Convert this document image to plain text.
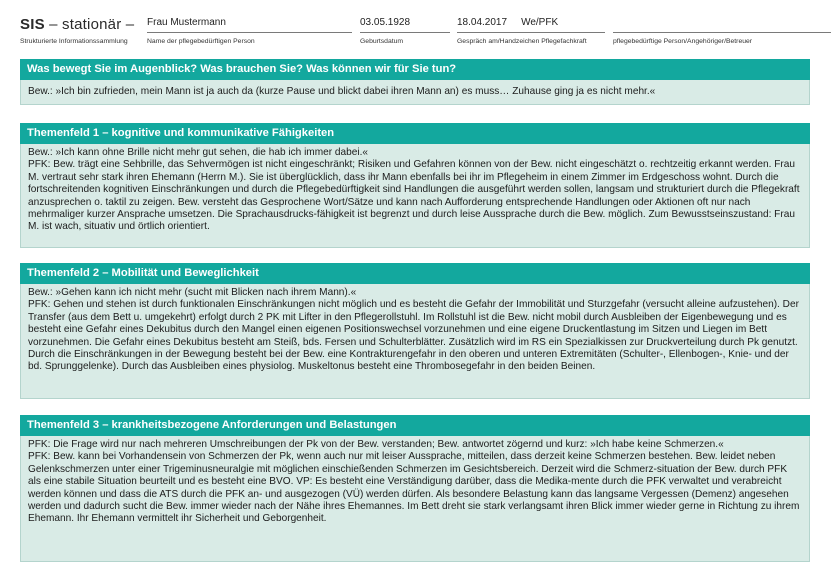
SIS – stationär –
Strukturierte Informationssammlung
Frau Mustermann
Name der pflegebedürftigen Person
03.05.1928
Geburtsdatum
18.04.2017 We/PFK
Gespräch am/Handzeichen Pflegefachkraft	pflegebedürftige Person/Angehöriger/Betreuer
Was bewegt Sie im Augenblick? Was brauchen Sie? Was können wir für Sie tun?

Bew.: »Ich bin zufrieden, mein Mann ist ja auch da (kurze Pause und blickt dabei ihren Mann an) es muss… Zuhause ging ja es nicht mehr.«

Themenfeld 1 – kognitive und kommunikative Fähigkeiten

Bew.: »Ich kann ohne Brille nicht mehr gut sehen, die hab ich immer dabei.«

PFK: Bew. trägt eine Sehbrille, das Sehvermögen ist nicht eingeschränkt; Risiken und Gefahren können von der Bew. nicht eingeschätzt o. rechtzeitig erkannt werden. Frau M. vertraut sehr stark ihren Ehemann (Herrn M.). Sie ist überglücklich, dass ihr Mann ebenfalls bei ihr im Pflegeheim in einem Zimmer im Erdgeschoss wohnt. Durch die fortschreitenden kognitiven Einschränkungen und durch die Pflegebedürftigkeit sind Handlungen die ausgeführt werden sollen, langsam und strukturiert durch die Pflegekraft anzusprechen o. taktil zu zeigen. Bew. versteht das Gesprochene Wort/Sätze und kann nach Aufforderung entsprechende Handlungen oder Aktionen oft nur nach mehrmaliger kurzer Ansprache umsetzen. Die Sprachausdrucks-fähigkeit ist begrenzt und durch leise Aussprache durch die Bew. möglich. Zum Bewusstseinszustand: Frau M. ist wach, situativ und örtlich orientiert.

Themenfeld 2 – Mobilität und Beweglichkeit

Bew.: »Gehen kann ich nicht mehr (sucht mit Blicken nach ihrem Mann).«

PFK: Gehen und stehen ist durch funktionalen Einschränkungen nicht möglich und es besteht die Gefahr der Immobilität und Sturzgefahr (versucht alleine aufzustehen). Der Transfer (aus dem Bett u. umgekehrt) erfolgt durch 2 PK mit Lifter in den Pflegerollstuhl. Im Rollstuhl ist die Bew. nicht mobil durch Ausbleiben der Eigenbewegung und es besteht eine Gefahr eines Dekubitus durch den Mangel einen eigenen Positionswechsel vorzunehmen und eine eigene Druckentlastung im Sitzen und Liegen im Bett vorzunehmen. Die Gefahr eines Dekubitus besteht am Steiß, bds. Fersen und Schulterblätter. Zusätzlich wird im RS ein Spezialkissen zur Druckverteilung durch Pk genutzt. Durch die Einschränkungen in der Bewegung besteht bei der Bew. eine Kontrakturengefahr in den oberen und unteren Extremitäten (Schulter-, Ellenbogen-, Knie- und der bd. Sprunggelenke). Durch das Ausbleiben eines physiolog. Muskeltonus besteht eine Thrombosegefahr in den beiden Beinen.

Themenfeld 3 – krankheitsbezogene Anforderungen und Belastungen

PFK: Die Frage wird nur nach mehreren Umschreibungen der Pk von der Bew. verstanden; Bew. antwortet zögernd und kurz: »Ich habe keine Schmerzen.«

PFK: Bew. kann bei Vorhandensein von Schmerzen der Pk, wenn auch nur mit leiser Aussprache, mitteilen, dass derzeit keine Schmerzen bestehen. Bew. leidet neben Gelenkschmerzen unter einer Trigeminusneuralgie mit möglichen einschießenden Schmerzen im Gesichtsbereich. Derzeit wird die Schmerz-situation der Bew. durch PFK als eine stabile Situation beurteilt und es besteht eine BVO. VP: Es besteht eine Verständigung darüber, dass die Medika-mente durch die PFK verwaltet und verabreicht werden können und dass die ATS durch die PFK an- und ausgezogen (VÜ) werden dürfen. Als besondere Belastung kann das langsame Vergessen (Demenz) angesehen werden und dadurch sucht die Bew. immer wieder nach der Nähe ihres Ehemannes. Im Bett dreht sie stark verlangsamt ihren Blick immer wieder gerne in Richtung zu ihrem Ehemann. Ihr Ehemann vermittelt ihr Sicherheit und Geborgenheit.
